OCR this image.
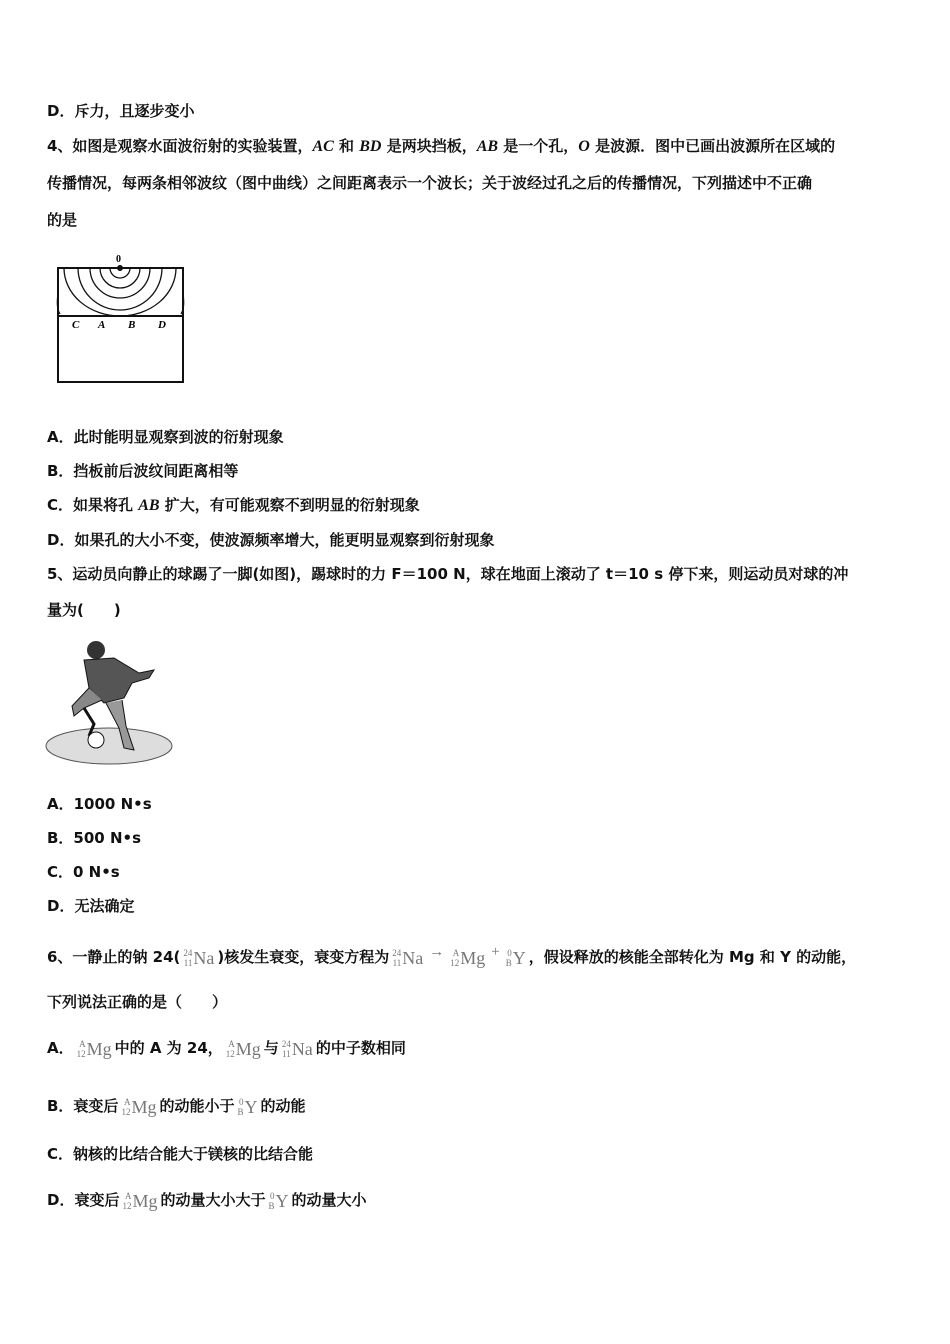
D．斥力，且逐步变小
4、如图是观察水面波衍射的实验装置，AC 和 BD 是两块挡板，AB 是一个孔，O 是波源．图中已画出波源所在区域的
传播情况，每两条相邻波纹（图中曲线）之间距离表示一个波长；关于波经过孔之后的传播情况，下列描述中不正确
的是
0
C A B D
A．此时能明显观察到波的衍射现象
B．挡板前后波纹间距离相等
C．如果将孔 AB 扩大，有可能观察不到明显的衍射现象
D．如果孔的大小不变，使波源频率增大，能更明显观察到衍射现象
5、运动员向静止的球踢了一脚(如图)，踢球时的力 F＝100 N，球在地面上滚动了 t＝10 s 停下来，则运动员对球的冲
量为(　　)
A．1000 N•s
B．500 N•s
C．0 N•s
D．无法确定
6、一静止的钠 24( 24
11 Na )核发生衰变，衰变方程为 24
11 Na → A
12 Mg + 0
B Y ，假设释放的核能全部转化为 Mg 和 Y 的动能，
下列说法正确的是（　　）
A． A
12 Mg 中的 A 为 24， A
12 Mg 与 24
11 Na 的中子数相同
B．衰变后 A
12 Mg 的动能小于 0
B Y 的动能
C．钠核的比结合能大于镁核的比结合能
D．衰变后 A
12 Mg 的动量大小大于 0
B Y 的动量大小
